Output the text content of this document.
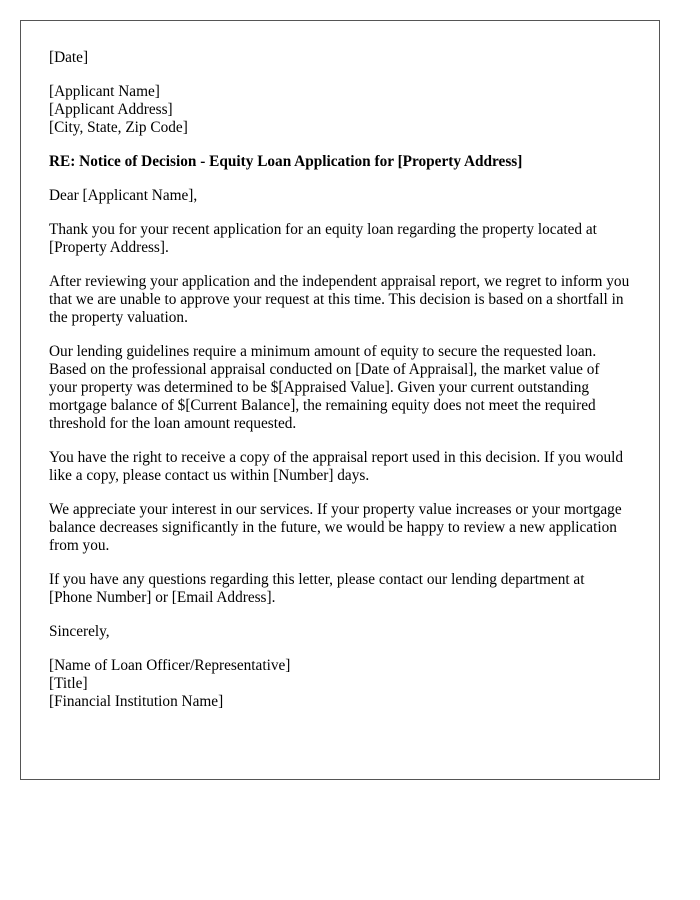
[Date]

[Applicant Name]
[Applicant Address]
[City, State, Zip Code]

RE: Notice of Decision - Equity Loan Application for [Property Address]

Dear [Applicant Name],

Thank you for your recent application for an equity loan regarding the property located at [Property Address].

After reviewing your application and the independent appraisal report, we regret to inform you that we are unable to approve your request at this time. This decision is based on a shortfall in the property valuation.

Our lending guidelines require a minimum amount of equity to secure the requested loan. Based on the professional appraisal conducted on [Date of Appraisal], the market value of your property was determined to be $[Appraised Value]. Given your current outstanding mortgage balance of $[Current Balance], the remaining equity does not meet the required threshold for the loan amount requested.

You have the right to receive a copy of the appraisal report used in this decision. If you would like a copy, please contact us within [Number] days.

We appreciate your interest in our services. If your property value increases or your mortgage balance decreases significantly in the future, we would be happy to review a new application from you.

If you have any questions regarding this letter, please contact our lending department at [Phone Number] or [Email Address].

Sincerely,

[Name of Loan Officer/Representative]
[Title]
[Financial Institution Name]
